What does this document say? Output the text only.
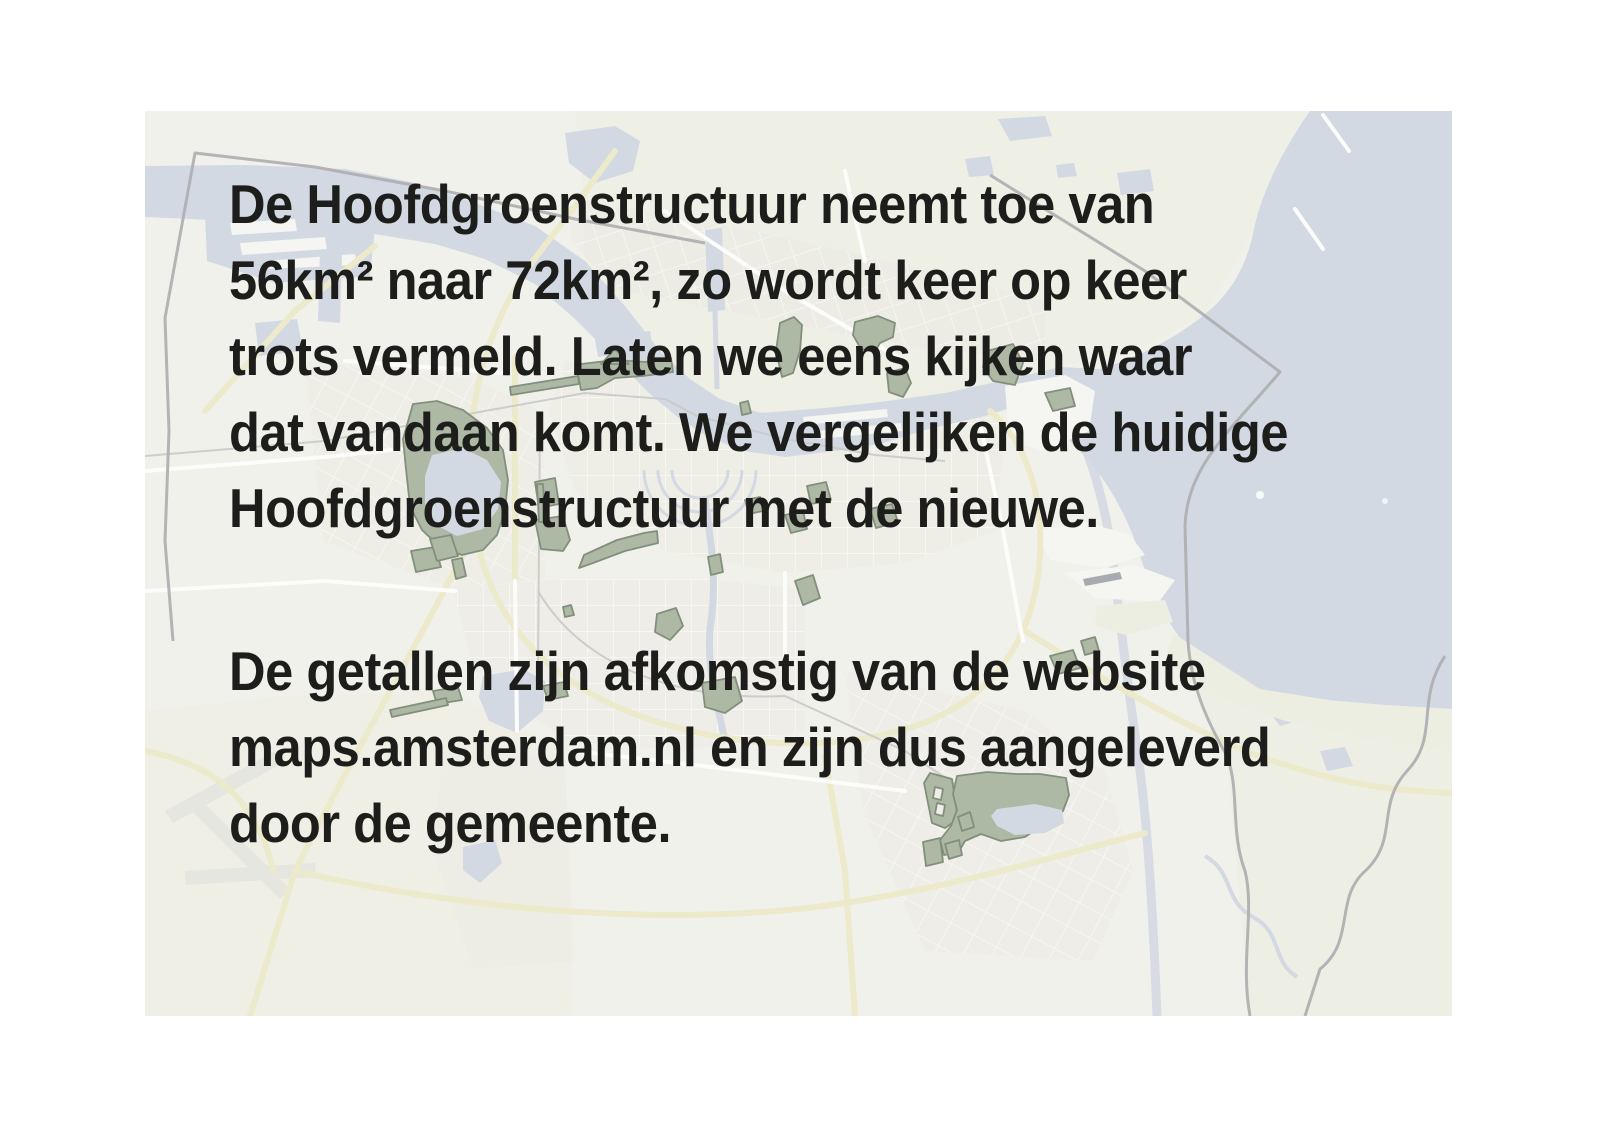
De Hoofdgroenstructuur neemt toe van
56km² naar 72km², zo wordt keer op keer
trots vermeld. Laten we eens kijken waar
dat vandaan komt. We vergelijken de huidige
Hoofdgroenstructuur met de nieuwe.
De getallen zijn afkomstig van de website
maps.amsterdam.nl en zijn dus aangeleverd
door de gemeente.
